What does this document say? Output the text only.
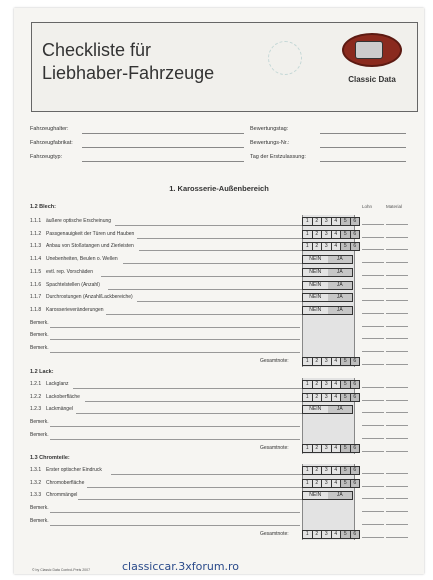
Checkliste für
Liebhaber-Fahrzeuge	Classic Data
Fahrzeughalter:
Fahrzeugfabrikat:
Fahrzeugtyp:
Bewertungstag:
Bewertungs-Nr.:
Tag der Erstzulassung:
1. Karosserie-Außenbereich
Lohn	Material
1.2 Blech:
1.1.1 äußere optische Erscheinung	1	2	3	4	5	6
1.1.2 Passgenauigkeit der Türen und Hauben	1	2	3	4	5	6
1.1.3 Anbau von Stoßstangen und Zierleisten	1	2	3	4	5	6
1.1.4 Unebenheiten, Beulen o. Wellen	NEIN	JA
1.1.5 evtl. rep. Vorschäden	NEIN	JA
1.1.6 Spachtelstellen (Anzahl)	NEIN	JA
1.1.7 Durchrostungen (Anzahl/Lackbereiche)	NEIN	JA
1.1.8 Karosserieveränderungen	NEIN	JA
Bemerk.
Bemerk.
Bemerk.
Gesamtnote:	1	2	3	4	5	6
1.2 Lack:
1.2.1 Lackglanz	1	2	3	4	5	6
1.2.2 Lackoberfläche	1	2	3	4	5	6
1.2.3 Lackmängel	NEIN	JA
Bemerk.
Bemerk.
Gesamtnote:	1	2	3	4	5	6
1.3 Chromteile:
1.3.1 Erster optischer Eindruck	1	2	3	4	5	6
1.3.2 Chromoberfläche	1	2	3	4	5	6
1.3.3 Chrommängel	NEIN	JA
Bemerk.
Bemerk.
Gesamtnote:	1	2	3	4	5	6
© by Classic Data Control-Preis 2007	classiccar.3xforum.ro
